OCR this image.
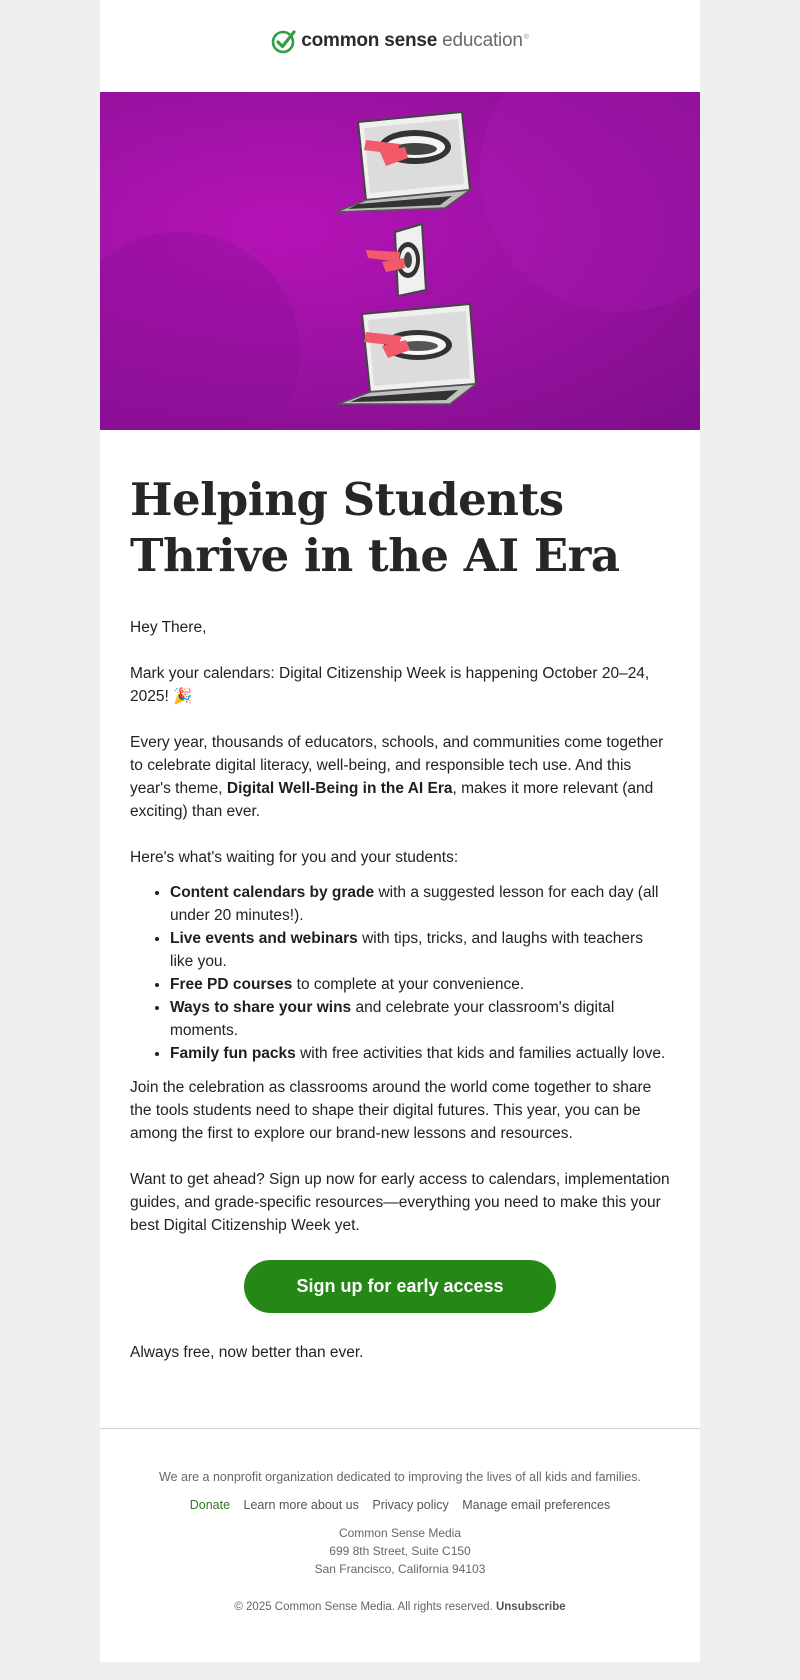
common sense education®
Helping Students Thrive in the AI Era

Hey There,

Mark your calendars: Digital Citizenship Week is happening October 20–24, 2025! 🎉

Every year, thousands of educators, schools, and communities come together to celebrate digital literacy, well-being, and responsible tech use. And this year's theme, Digital Well-Being in the AI Era, makes it more relevant (and exciting) than ever.

Here's what's waiting for you and your students:

• Content calendars by grade with a suggested lesson for each day (all under 20 minutes!).
• Live events and webinars with tips, tricks, and laughs with teachers like you.
• Free PD courses to complete at your convenience.
• Ways to share your wins and celebrate your classroom's digital moments.
• Family fun packs with free activities that kids and families actually love.

Join the celebration as classrooms around the world come together to share the tools students need to shape their digital futures. This year, you can be among the first to explore our brand-new lessons and resources.

Want to get ahead? Sign up now for early access to calendars, implementation guides, and grade-specific resources—everything you need to make this your best Digital Citizenship Week yet.

Sign up for early access
Always free, now better than ever.
We are a nonprofit organization dedicated to improving the lives of all kids and families.
Donate Learn more about us Privacy policy Manage email preferences
Common Sense Media
699 8th Street, Suite C150
San Francisco, California 94103
© 2025 Common Sense Media. All rights reserved. Unsubscribe
